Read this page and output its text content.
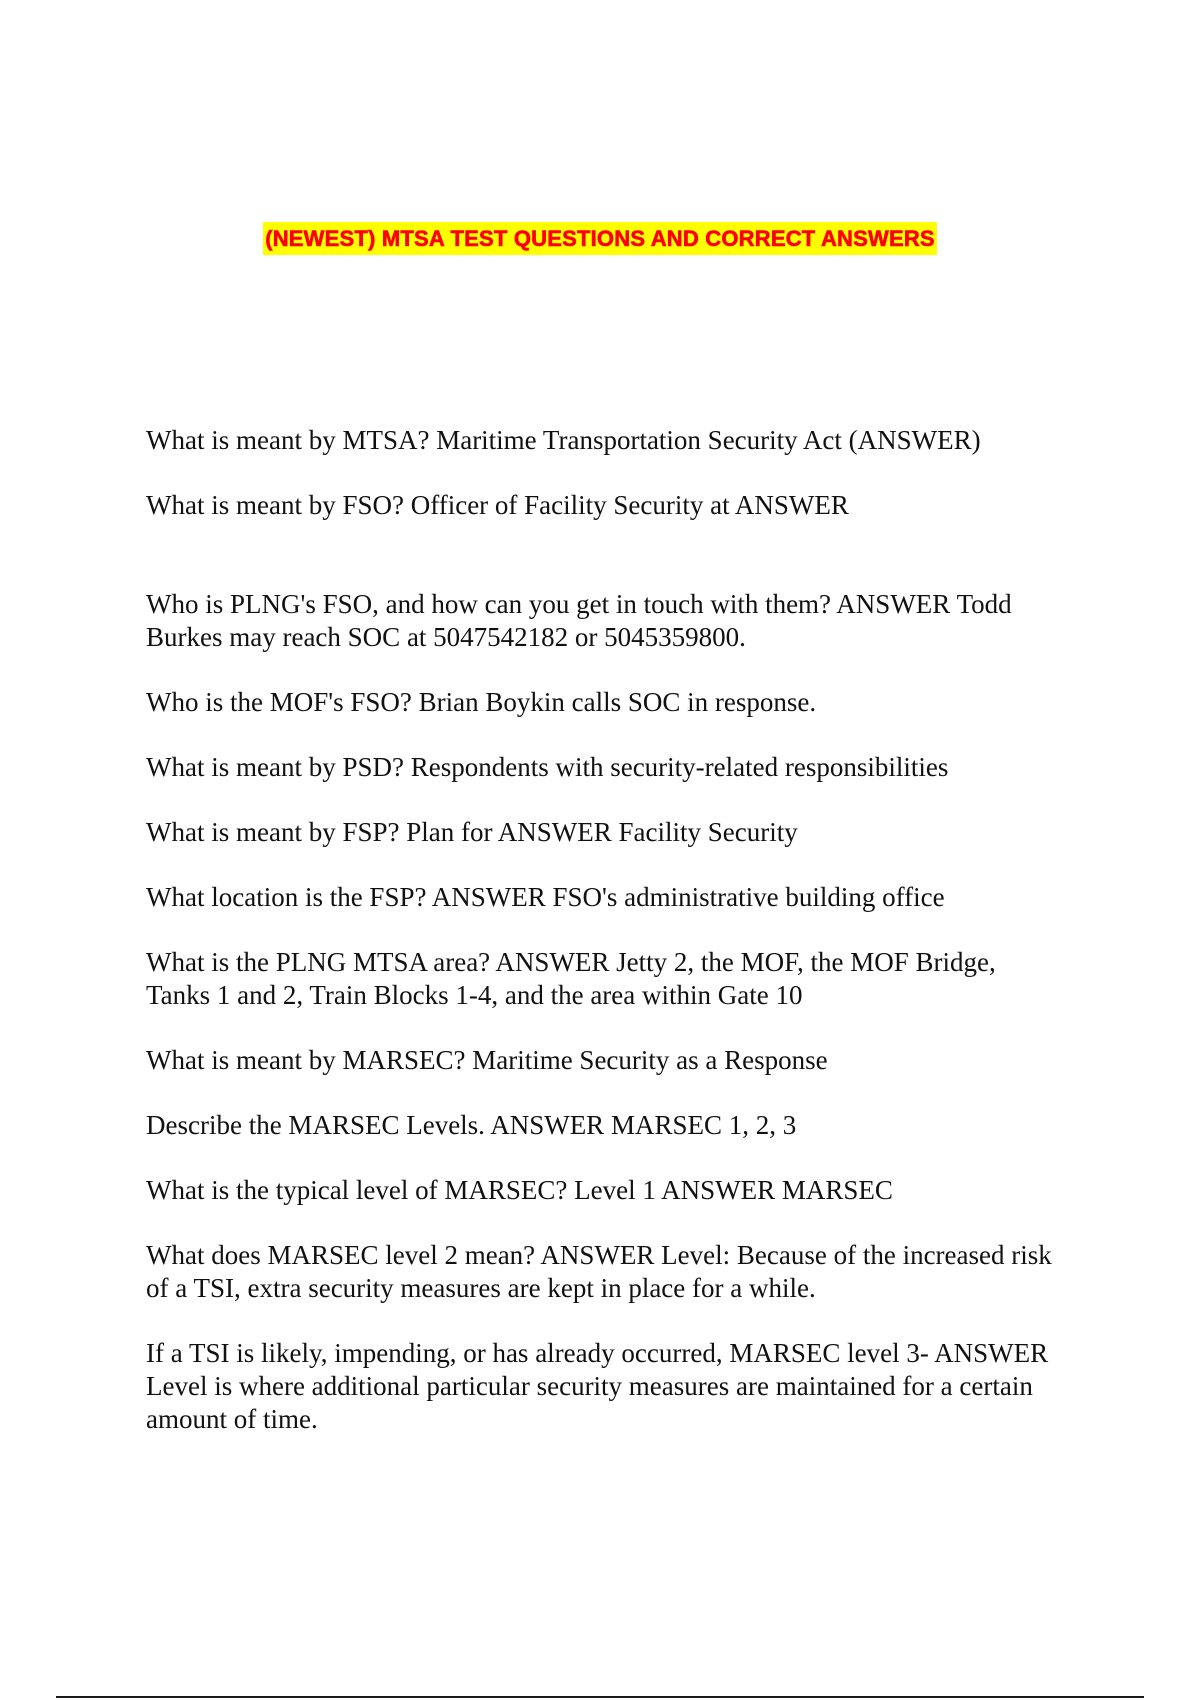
(NEWEST) MTSA TEST QUESTIONS AND CORRECT ANSWERS

What is meant by MTSA? Maritime Transportation Security Act (ANSWER)

What is meant by FSO? Officer of Facility Security at ANSWER

Who is PLNG's FSO, and how can you get in touch with them? ANSWER Todd Burkes may reach SOC at 5047542182 or 5045359800.

Who is the MOF's FSO? Brian Boykin calls SOC in response.

What is meant by PSD? Respondents with security-related responsibilities

What is meant by FSP? Plan for ANSWER Facility Security

What location is the FSP? ANSWER FSO's administrative building office

What is the PLNG MTSA area? ANSWER Jetty 2, the MOF, the MOF Bridge, Tanks 1 and 2, Train Blocks 1-4, and the area within Gate 10

What is meant by MARSEC? Maritime Security as a Response

Describe the MARSEC Levels. ANSWER MARSEC 1, 2, 3

What is the typical level of MARSEC? Level 1 ANSWER MARSEC

What does MARSEC level 2 mean? ANSWER Level: Because of the increased risk of a TSI, extra security measures are kept in place for a while.

If a TSI is likely, impending, or has already occurred, MARSEC level 3- ANSWER Level is where additional particular security measures are maintained for a certain amount of time.
